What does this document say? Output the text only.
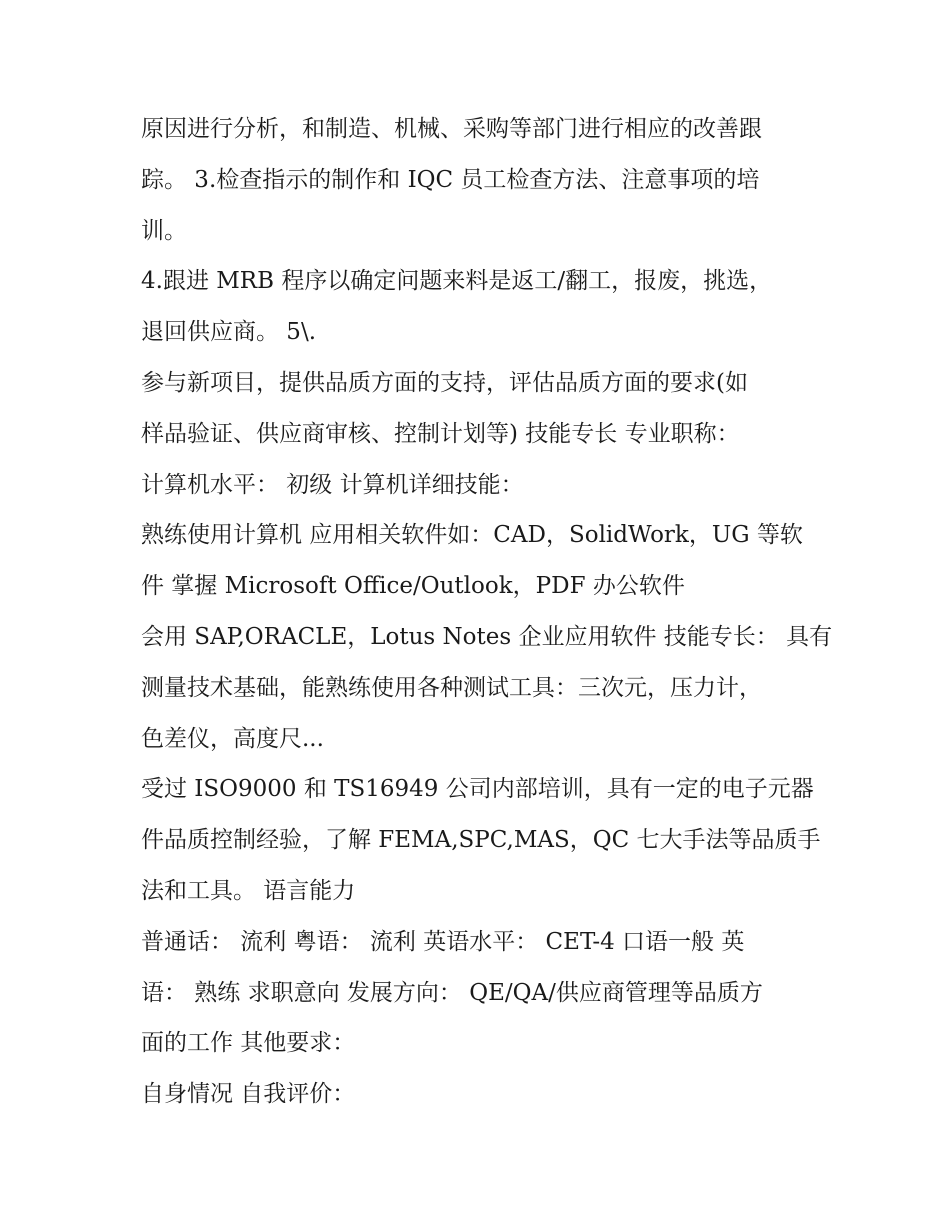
原因进行分析，和制造、机械、采购等部门进行相应的改善跟
踪。 3.检查指示的制作和 IQC 员工检查方法、注意事项的培
训。
4.跟进 MRB 程序以确定问题来料是返工/翻工，报废，挑选，
退回供应商。 5\.
参与新项目，提供品质方面的支持，评估品质方面的要求(如
样品验证、供应商审核、控制计划等) 技能专长 专业职称：
计算机水平： 初级 计算机详细技能：
熟练使用计算机 应用相关软件如：CAD，SolidWork，UG 等软
件 掌握 Microsoft Office/Outlook，PDF 办公软件
会用 SAP,ORACLE，Lotus Notes 企业应用软件 技能专长： 具有
测量技术基础，能熟练使用各种测试工具：三次元，压力计，
色差仪，高度尺...
受过 ISO9000 和 TS16949 公司内部培训，具有一定的电子元器
件品质控制经验，了解 FEMA,SPC,MAS，QC 七大手法等品质手
法和工具。 语言能力
普通话： 流利 粤语： 流利 英语水平： CET-4 口语一般 英
语： 熟练 求职意向 发展方向： QE/QA/供应商管理等品质方
面的工作 其他要求：
自身情况 自我评价：
